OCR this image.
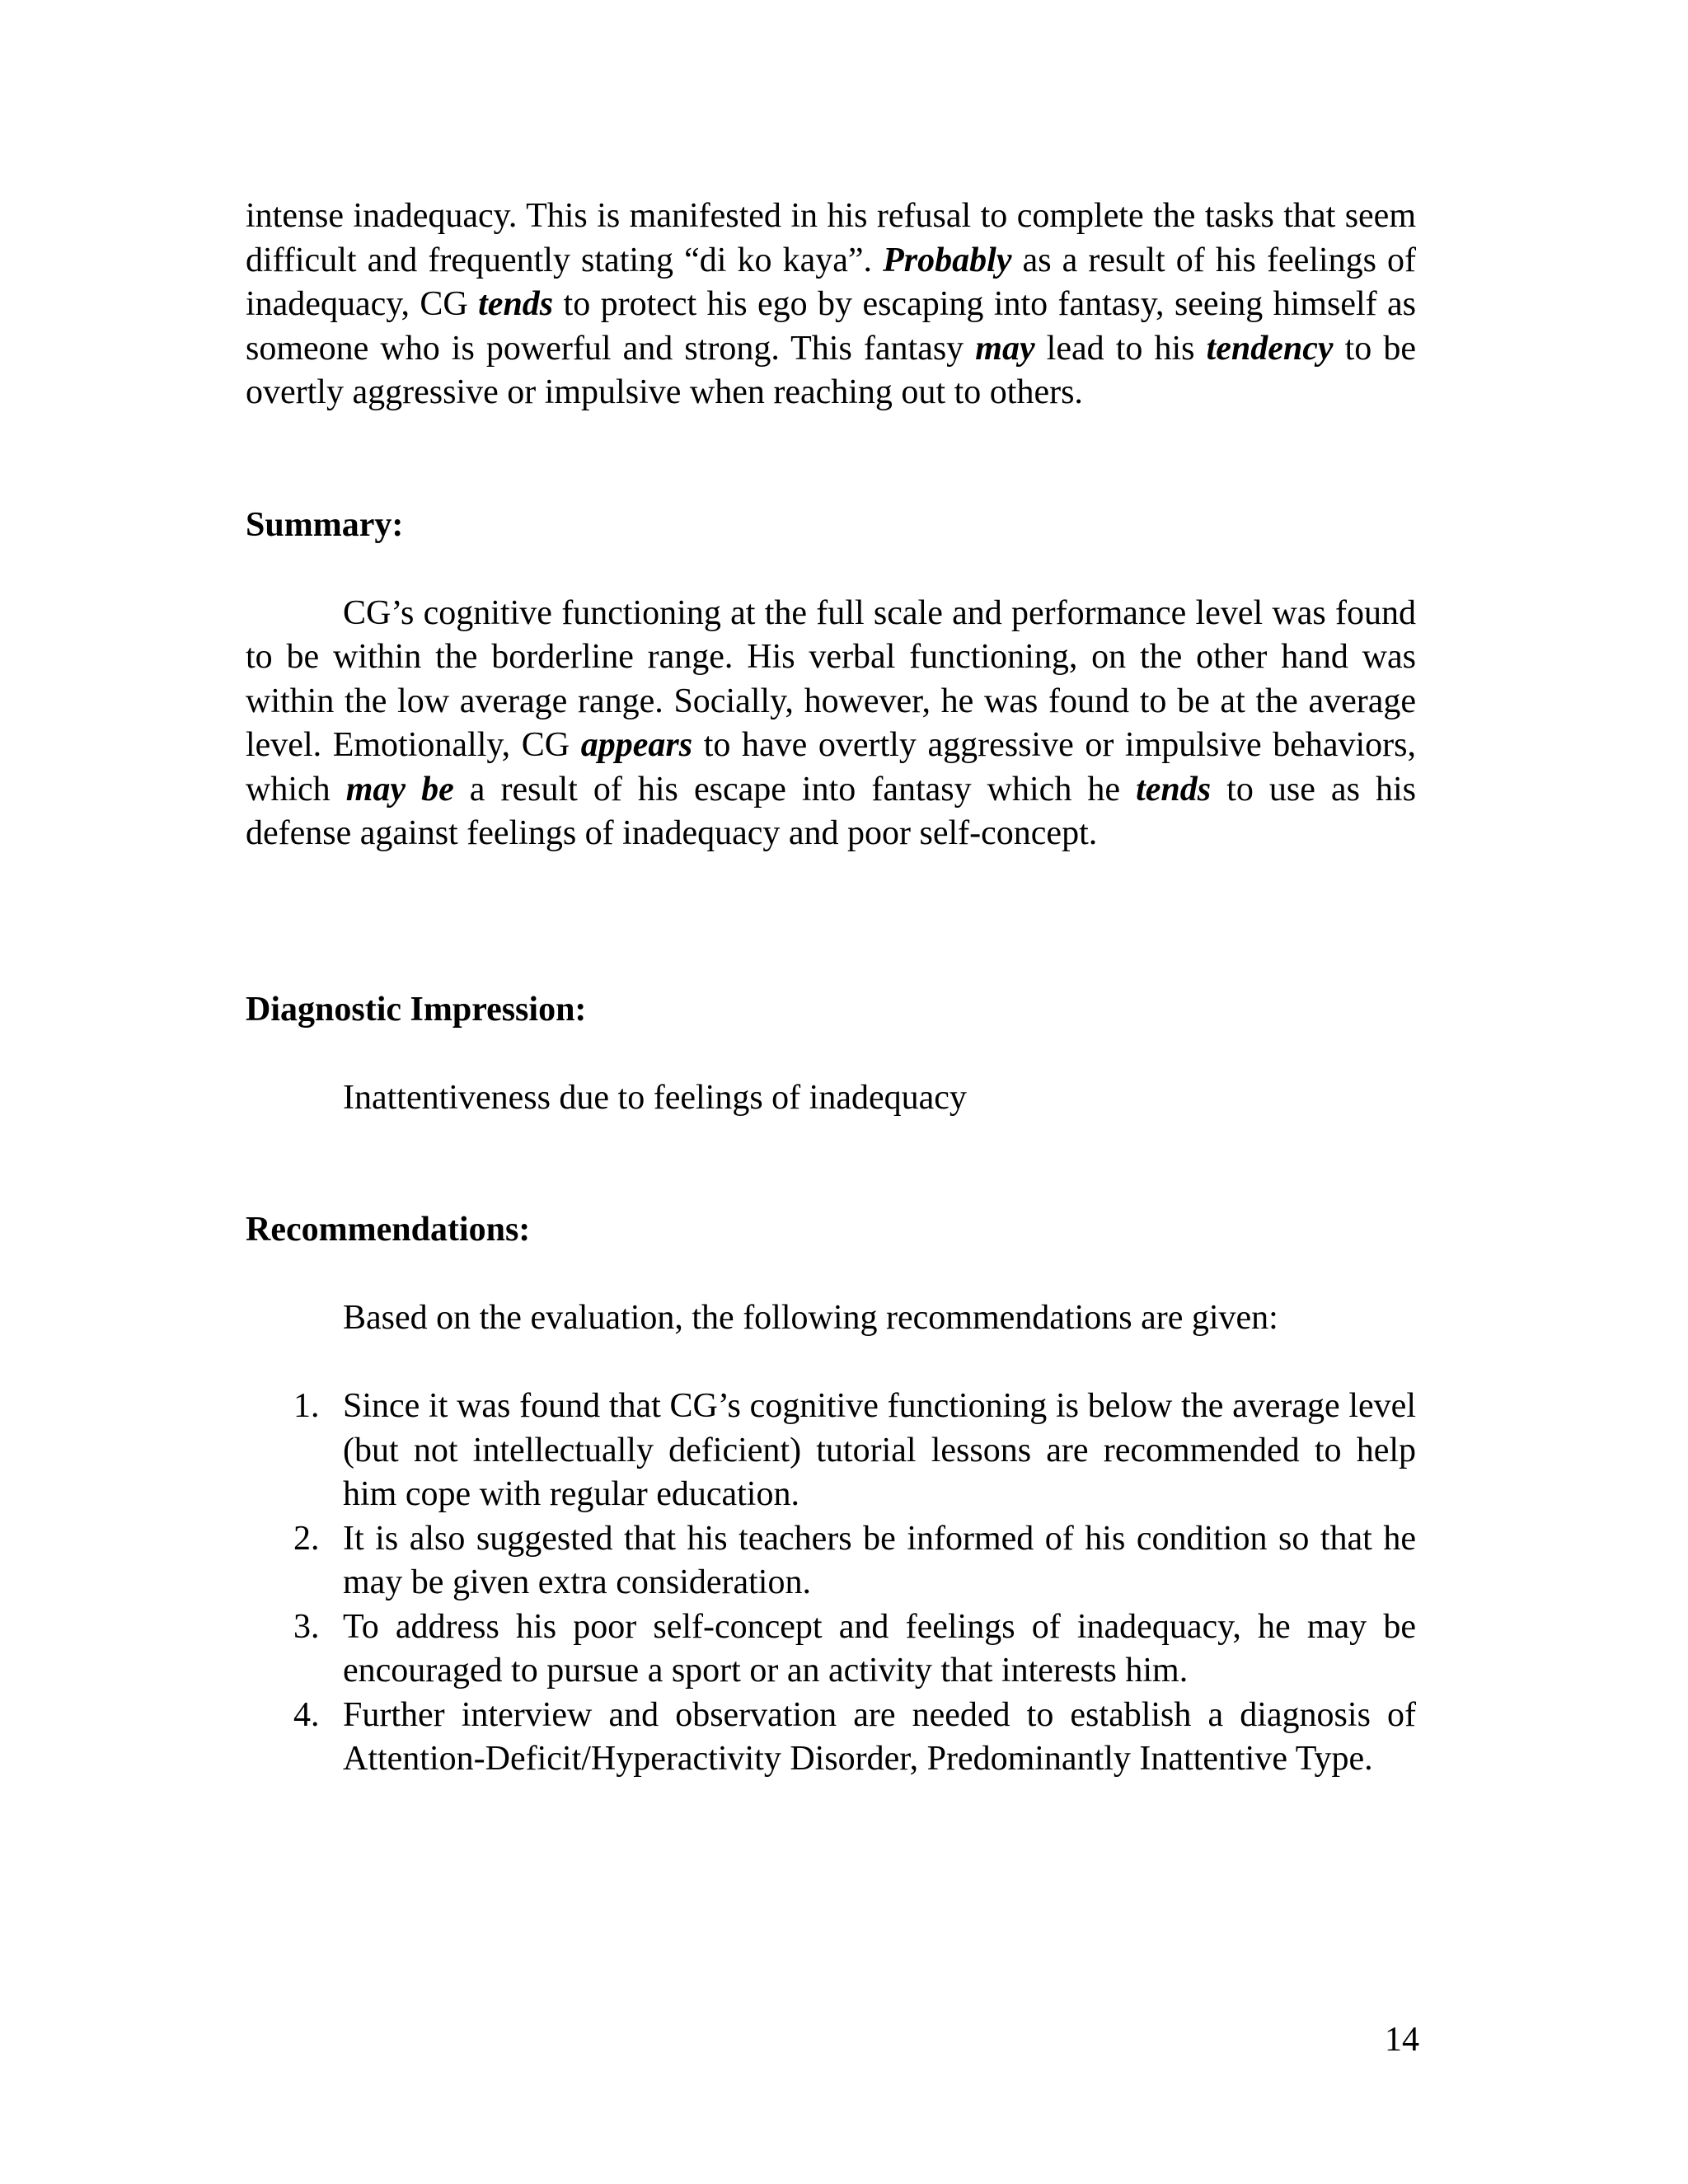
intense inadequacy. This is manifested in his refusal to complete the tasks that seem difficult and frequently stating “di ko kaya”. Probably as a result of his feelings of inadequacy, CG tends to protect his ego by escaping into fantasy, seeing himself as someone who is powerful and strong. This fantasy may lead to his tendency to be overtly aggressive or impulsive when reaching out to others.

Summary:

CG’s cognitive functioning at the full scale and performance level was found to be within the borderline range. His verbal functioning, on the other hand was within the low average range. Socially, however, he was found to be at the average level. Emotionally, CG appears to have overtly aggressive or impulsive behaviors, which may be a result of his escape into fantasy which he tends to use as his defense against feelings of inadequacy and poor self-concept.

Diagnostic Impression:

Inattentiveness due to feelings of inadequacy

Recommendations:

Based on the evaluation, the following recommendations are given:

1. Since it was found that CG’s cognitive functioning is below the average level (but not intellectually deficient) tutorial lessons are recommended to help him cope with regular education.
2. It is also suggested that his teachers be informed of his condition so that he may be given extra consideration.
3. To address his poor self-concept and feelings of inadequacy, he may be encouraged to pursue a sport or an activity that interests him.
4. Further interview and observation are needed to establish a diagnosis of Attention-Deficit/Hyperactivity Disorder, Predominantly Inattentive Type.
14
